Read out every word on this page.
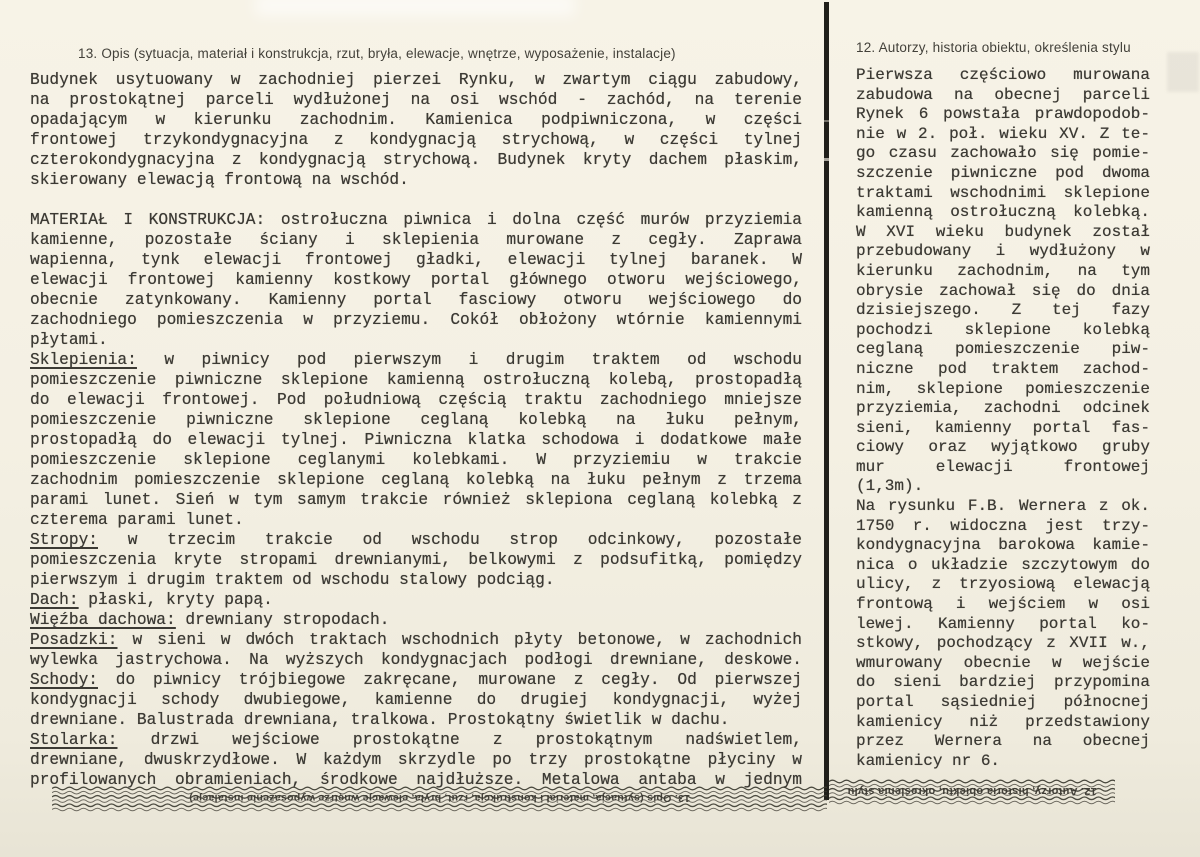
13. Opis (sytuacja, materiał i konstrukcja, rzut, bryła, elewacje, wnętrze, wyposażenie, instalacje)	12. Autorzy, historia obiektu, określenia stylu
Budynek usytuowany w zachodniej pierzei Rynku, w zwartym ciągu zabudowy,
na prostokątnej parceli wydłużonej na osi wschód - zachód, na terenie
opadającym w kierunku zachodnim. Kamienica podpiwniczona, w części
frontowej trzykondygnacyjna z kondygnacją strychową, w części tylnej
czterokondygnacyjna z kondygnacją strychową. Budynek kryty dachem płaskim,
skierowany elewacją frontową na wschód.

MATERIAŁ I KONSTRUKCJA: ostrołuczna piwnica i dolna część murów przyziemia
kamienne, pozostałe ściany i sklepienia murowane z cegły. Zaprawa
wapienna, tynk elewacji frontowej gładki, elewacji tylnej baranek. W
elewacji frontowej kamienny kostkowy portal głównego otworu wejściowego,
obecnie zatynkowany. Kamienny portal fasciowy otworu wejściowego do
zachodniego pomieszczenia w przyziemu. Cokół obłożony wtórnie kamiennymi
płytami.
Sklepienia: w piwnicy pod pierwszym i drugim traktem od wschodu
pomieszczenie piwniczne sklepione kamienną ostrołuczną kolebą, prostopadłą
do elewacji frontowej. Pod południową częścią traktu zachodniego mniejsze
pomieszczenie piwniczne sklepione ceglaną kolebką na łuku pełnym,
prostopadłą do elewacji tylnej. Piwniczna klatka schodowa i dodatkowe małe
pomieszczenie sklepione ceglanymi kolebkami. W przyziemiu w trakcie
zachodnim pomieszczenie sklepione ceglaną kolebką na łuku pełnym z trzema
parami lunet. Sień w tym samym trakcie również sklepiona ceglaną kolebką z
czterema parami lunet.
Stropy: w trzecim trakcie od wschodu strop odcinkowy, pozostałe
pomieszczenia kryte stropami drewnianymi, belkowymi z podsufitką, pomiędzy
pierwszym i drugim traktem od wschodu stalowy podciąg.
Dach: płaski, kryty papą.
Więźba dachowa: drewniany stropodach.
Posadzki: w sieni w dwóch traktach wschodnich płyty betonowe, w zachodnich
wylewka jastrychowa. Na wyższych kondygnacjach podłogi drewniane, deskowe.
Schody: do piwnicy trójbiegowe zakręcane, murowane z cegły. Od pierwszej
kondygnacji schody dwubiegowe, kamienne do drugiej kondygnacji, wyżej
drewniane. Balustrada drewniana, tralkowa. Prostokątny świetlik w dachu.
Stolarka: drzwi wejściowe prostokątne z prostokątnym nadświetlem,
drewniane, dwuskrzydłowe. W każdym skrzydle po trzy prostokątne płyciny w
profilowanych obramieniach, środkowe najdłuższe. Metalowa antaba w jednym
Pierwsza częściowo murowana
zabudowa na obecnej parceli
Rynek 6 powstała prawdopodob-
nie w 2. poł. wieku XV. Z te-
go czasu zachowało się pomie-
szczenie piwniczne pod dwoma
traktami wschodnimi sklepione
kamienną ostrołuczną kolebką.
W XVI wieku budynek został
przebudowany i wydłużony w
kierunku zachodnim, na tym
obrysie zachował się do dnia
dzisiejszego. Z tej fazy
pochodzi sklepione kolebką
ceglaną pomieszczenie piw-
niczne pod traktem zachod-
nim, sklepione pomieszczenie
przyziemia, zachodni odcinek
sieni, kamienny portal fas-
ciowy oraz wyjątkowo gruby
mur elewacji frontowej
(1,3m).
Na rysunku F.B. Wernera z ok.
1750 r. widoczna jest trzy-
kondygnacyjna barokowa kamie-
nica o układzie szczytowym do
ulicy, z trzyosiową elewacją
frontową i wejściem w osi
lewej. Kamienny portal ko-
stkowy, pochodzący z XVII w.,
wmurowany obecnie w wejście
do sieni bardziej przypomina
portal sąsiedniej północnej
kamienicy niż przedstawiony
przez Wernera na obecnej
kamienicy nr 6.
13. Opis (sytuacja, materiał i konstrukcja, rzut, bryła, elewacje wnętrze wyposażenie instalacje)
12. Autorzy, historia obiektu, określenia stylu
